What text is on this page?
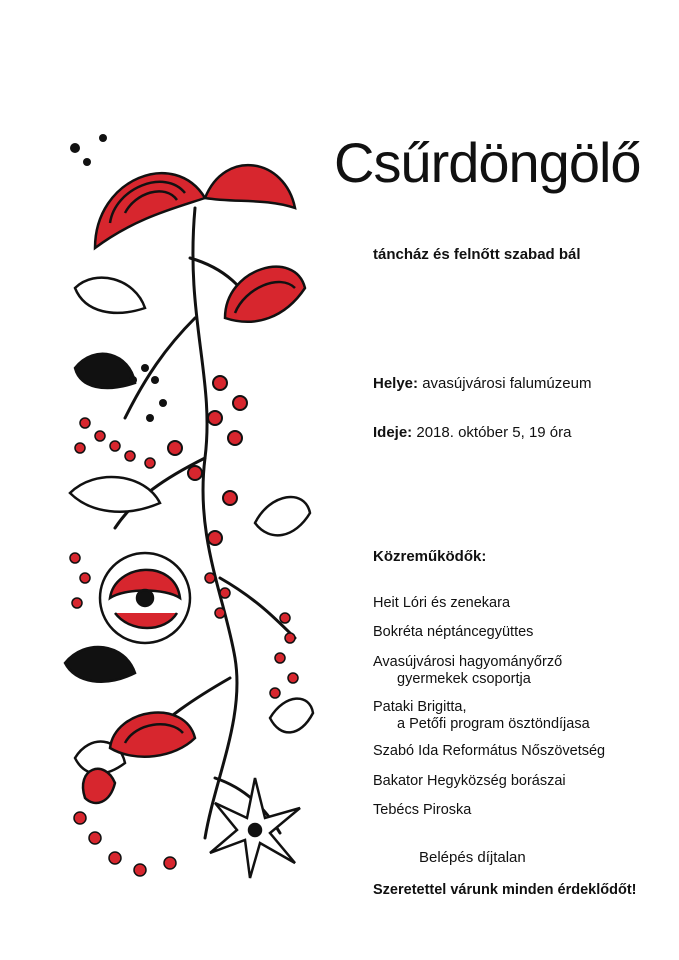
Csűrdöngölő
táncház és felnőtt szabad bál
Helye: avasújvárosi falumúzeum
Ideje: 2018. október 5, 19 óra
Közreműködők:
Heit Lóri és zenekara
Bokréta néptáncegyüttes
Avasújvárosi hagyományőrző
gyermekek csoportja
Pataki Brigitta,
a Petőfi program ösztöndíjasa
Szabó Ida Református Nőszövetség
Bakator Hegyközség borászai
Tebécs Piroska
Belépés díjtalan
Szeretettel várunk minden érdeklődőt!
